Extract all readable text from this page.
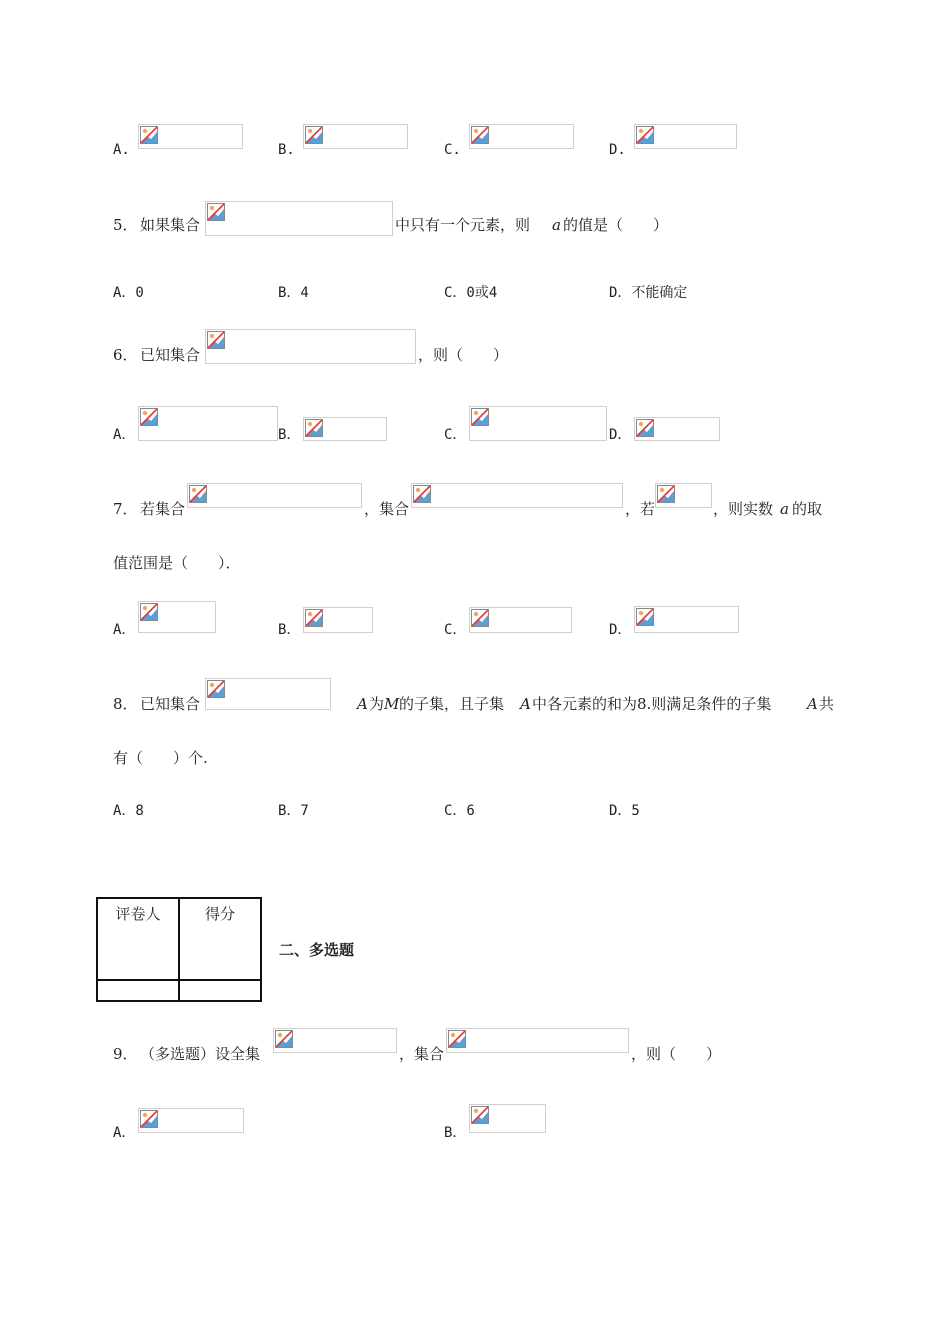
A.	B.	C.	D.
5． 如果集合	中只有一个元素，则 a 的值是（　　）
A．0	B．4	C．0或4	D．不能确定
6． 已知集合	，则（　　）
A．	B．	C．	D．
7． 若集合	，集合	，若	，则实数 a 的取
值范围是（　　）．
A．	B．	C．	D．
8． 已知集合	A 为 M 的子集，且子集 A 中各元素的和为8.则满足条件的子集 A 共
有（　　）个.
A．8	B．7	C．6	D．5
评卷人	得分

二、多选题
9． （多选题）设全集	，集合	，则（　　）
A．	B．
